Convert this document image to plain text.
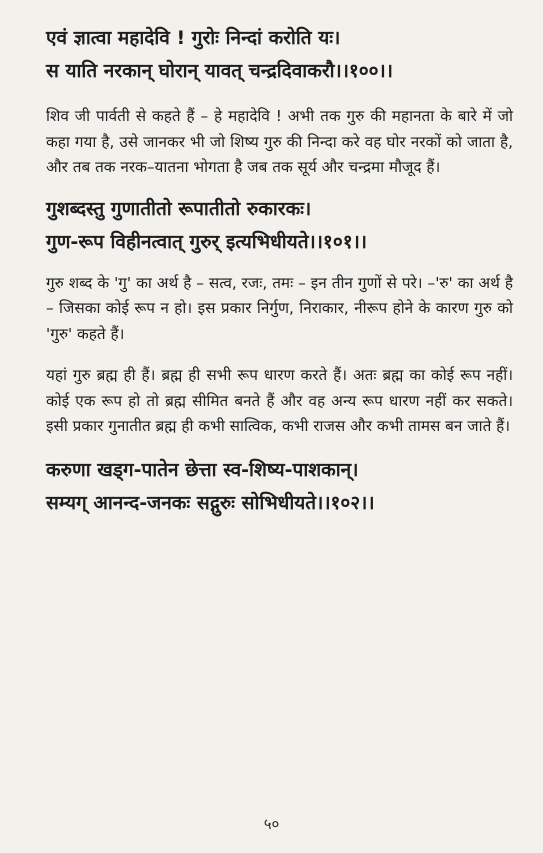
एवं ज्ञात्वा महादेवि ! गुरोः निन्दां करोति यः।
स याति नरकान् घोरान् यावत् चन्द्रदिवाकरौ।।१००।।
शिव जी पार्वती से कहते हैं – हे महादेवि ! अभी तक गुरु की महानता के बारे में जो कहा गया है, उसे जानकर भी जो शिष्य गुरु की निन्दा करे वह घोर नरकों को जाता है, और तब तक नरक–यातना भोगता है जब तक सूर्य और चन्द्रमा मौजूद हैं।
गुशब्दस्तु गुणातीतो रूपातीतो रुकारकः।
गुण-रूप विहीनत्वात् गुरुर् इत्यभिधीयते।।१०१।।
गुरु शब्द के 'गु' का अर्थ है – सत्व, रजः, तमः – इन तीन गुणों से परे। –'रु' का अर्थ है – जिसका कोई रूप न हो। इस प्रकार निर्गुण, निराकार, नीरूप होने के कारण गुरु को 'गुरु' कहते हैं।
यहां गुरु ब्रह्म ही हैं। ब्रह्म ही सभी रूप धारण करते हैं। अतः ब्रह्म का कोई रूप नहीं। कोई एक रूप हो तो ब्रह्म सीमित बनते हैं और वह अन्य रूप धारण नहीं कर सकते। इसी प्रकार गुनातीत ब्रह्म ही कभी सात्विक, कभी राजस और कभी तामस बन जाते हैं।
करुणा खड्ग-पातेन छेत्ता स्व-शिष्य-पाशकान्।
सम्यग् आनन्द-जनकः सद्गुरुः सोभिधीयते।।१०२।।
५०
